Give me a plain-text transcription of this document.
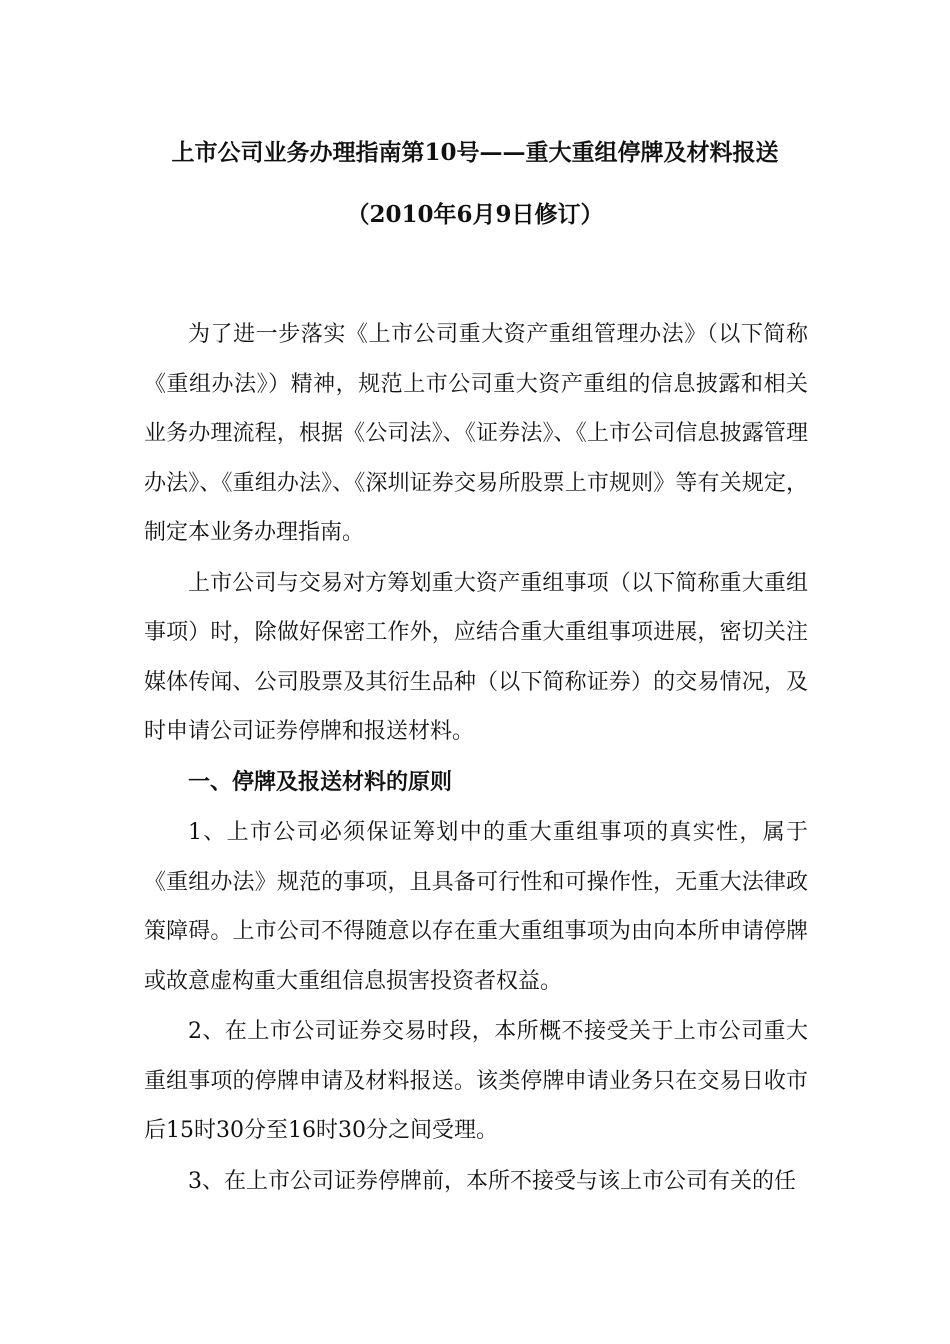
上市公司业务办理指南第10号——重大重组停牌及材料报送
（2010年6月9日修订）

为了进一步落实《上市公司重大资产重组管理办法》（以下简称《重组办法》）精神，规范上市公司重大资产重组的信息披露和相关业务办理流程，根据《公司法》、《证券法》、《上市公司信息披露管理办法》、《重组办法》、《深圳证券交易所股票上市规则》等有关规定，制定本业务办理指南。

上市公司与交易对方筹划重大资产重组事项（以下简称重大重组事项）时，除做好保密工作外，应结合重大重组事项进展，密切关注媒体传闻、公司股票及其衍生品种（以下简称证券）的交易情况，及时申请公司证券停牌和报送材料。

一、停牌及报送材料的原则

1、上市公司必须保证筹划中的重大重组事项的真实性，属于《重组办法》规范的事项，且具备可行性和可操作性，无重大法律政策障碍。上市公司不得随意以存在重大重组事项为由向本所申请停牌或故意虚构重大重组信息损害投资者权益。

2、在上市公司证券交易时段，本所概不接受关于上市公司重大重组事项的停牌申请及材料报送。该类停牌申请业务只在交易日收市后15时30分至16时30分之间受理。

3、在上市公司证券停牌前，本所不接受与该上市公司有关的任
